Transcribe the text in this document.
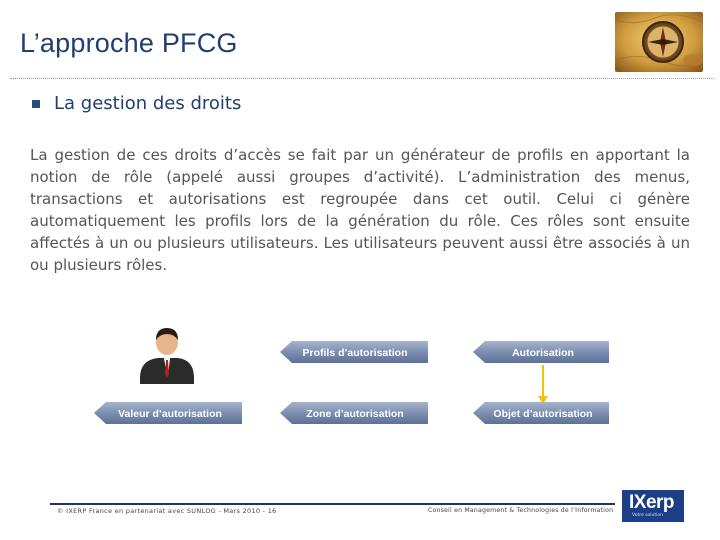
L’approche PFCG
La gestion des droits
La gestion de ces droits d’accès se fait par un générateur de profils en apportant la notion de rôle (appelé aussi groupes d’activité). L’administration des menus, transactions et autorisations est regroupée dans cet outil. Celui ci génère automatiquement les profils lors de la génération du rôle. Ces rôles sont ensuite affectés à un ou plusieurs utilisateurs. Les utilisateurs peuvent aussi être associés à un ou plusieurs rôles.
Profils d’autorisation	Autorisation
Valeur d’autorisation	Zone d’autorisation	Objet d’autorisation
© IXERP France en partenariat avec SUNLOG - Mars 2010 - 16	Conseil en Management & Technologies de l’Information IXerp
Votre solution
